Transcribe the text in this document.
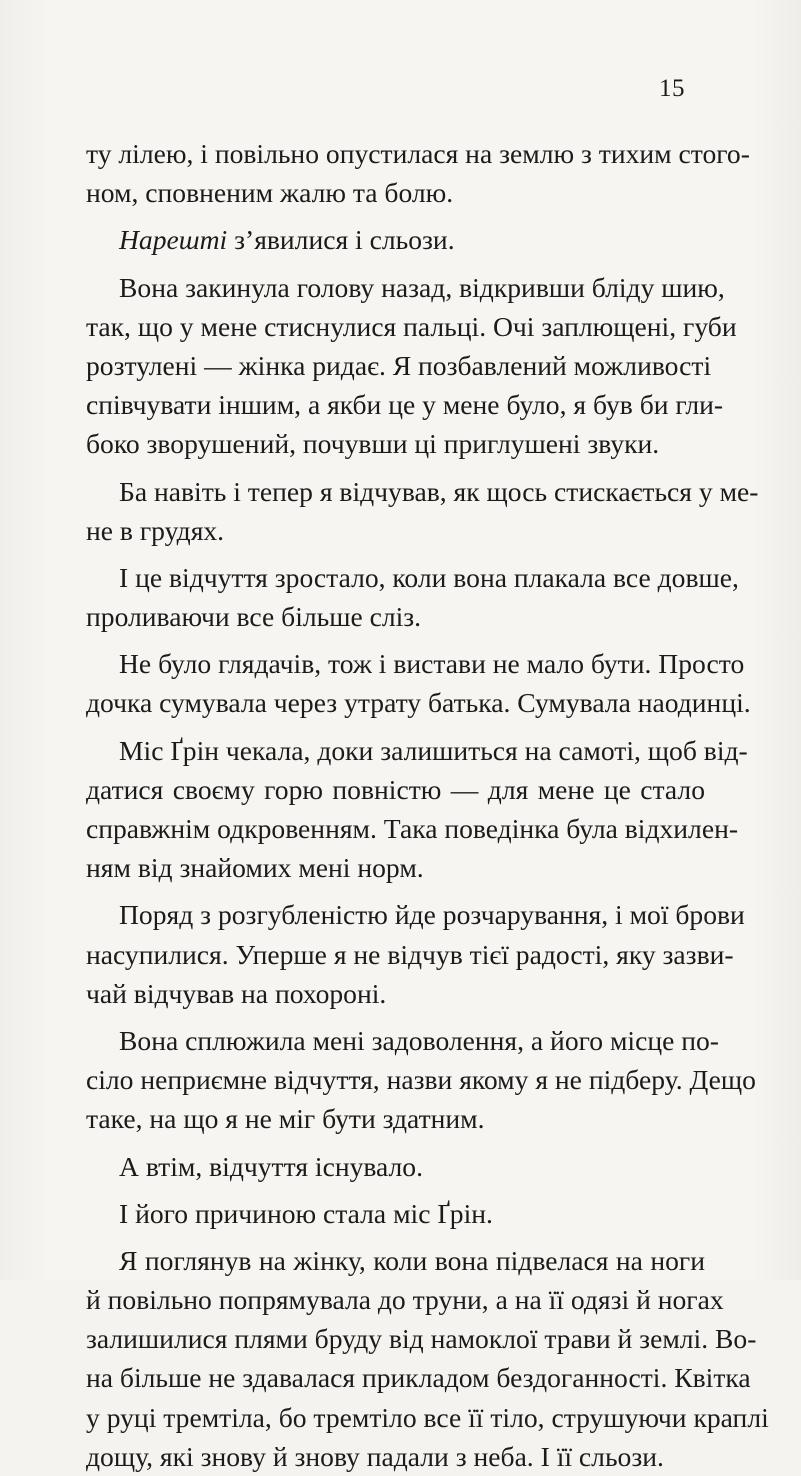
15
ту лілею, і повільно опустилася на землю з тихим стого-
ном, сповненим жалю та болю.
Нарешті з’явилися і сльози.
Вона закинула голову назад, відкривши бліду шию,
так, що у мене стиснулися пальці. Очі заплющені, губи
розтулені — жінка ридає. Я позбавлений можливості
співчувати іншим, а якби це у мене було, я був би гли-
боко зворушений, почувши ці приглушені звуки.
Ба навіть і тепер я відчував, як щось стискається у ме-
не в грудях.
І це відчуття зростало, коли вона плакала все довше,
проливаючи все більше сліз.
Не було глядачів, тож і вистави не мало бути. Просто
дочка сумувала через утрату батька. Сумувала наодинці.
Міс Ґрін чекала, доки залишиться на самоті, щоб від-
датися своєму горю повністю — для мене це стало
справжнім одкровенням. Така поведінка була відхилен-
ням від знайомих мені норм.
Поряд з розгубленістю йде розчарування, і мої брови
насупилися. Уперше я не відчув тієї радості, яку зазви-
чай відчував на похороні.
Вона сплюжила мені задоволення, а його місце по-
сіло неприємне відчуття, назви якому я не підберу. Дещо
таке, на що я не міг бути здатним.
А втім, відчуття існувало.
І його причиною стала міс Ґрін.
Я поглянув на жінку, коли вона підвелася на ноги
й повільно попрямувала до труни, а на її одязі й ногах
залишилися плями бруду від намоклої трави й землі. Во-
на більше не здавалася прикладом бездоганності. Квітка
у руці тремтіла, бо тремтіло все її тіло, струшуючи краплі
дощу, які знову й знову падали з неба. І її сльози.
